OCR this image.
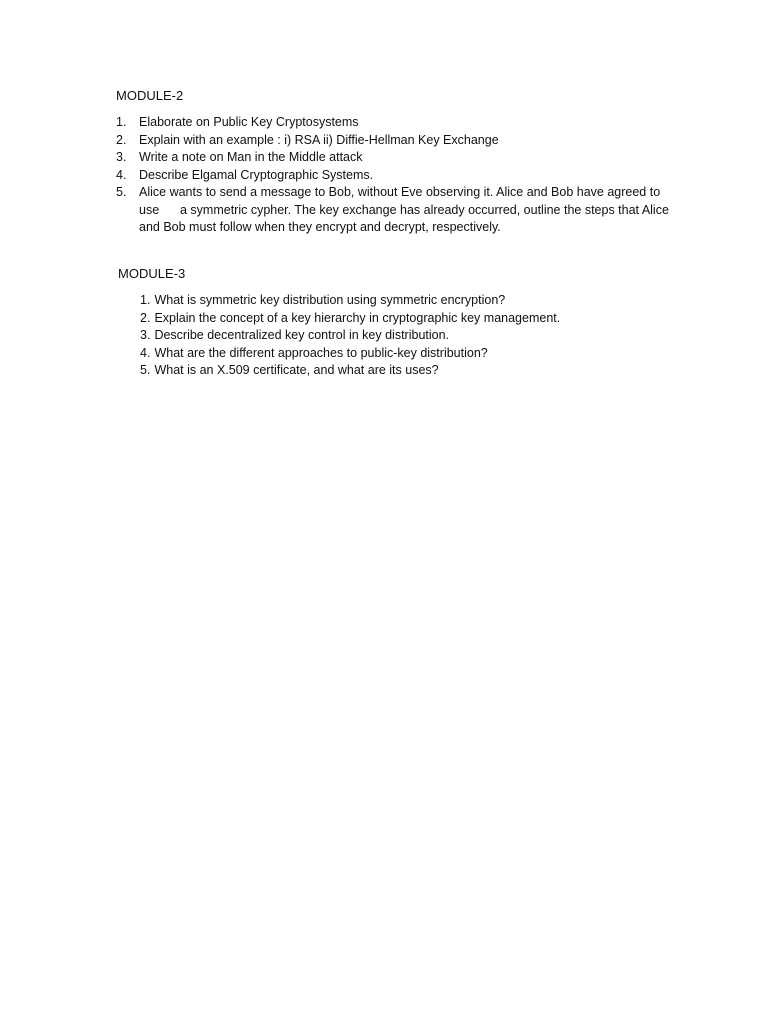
MODULE-2
1.	Elaborate on Public Key Cryptosystems
2.	Explain with an example : i) RSA ii) Diffie-Hellman Key Exchange
3.	Write a note on Man in the Middle attack
4.	Describe Elgamal Cryptographic Systems.
5.	Alice wants to send a message to Bob, without Eve observing it. Alice and Bob have agreed to use      a symmetric cypher. The key exchange has already occurred, outline the steps that Alice and Bob must follow when they encrypt and decrypt, respectively.
MODULE-3
1. What is symmetric key distribution using symmetric encryption?
2. Explain the concept of a key hierarchy in cryptographic key management.
3. Describe decentralized key control in key distribution.
4. What are the different approaches to public-key distribution?
5. What is an X.509 certificate, and what are its uses?
